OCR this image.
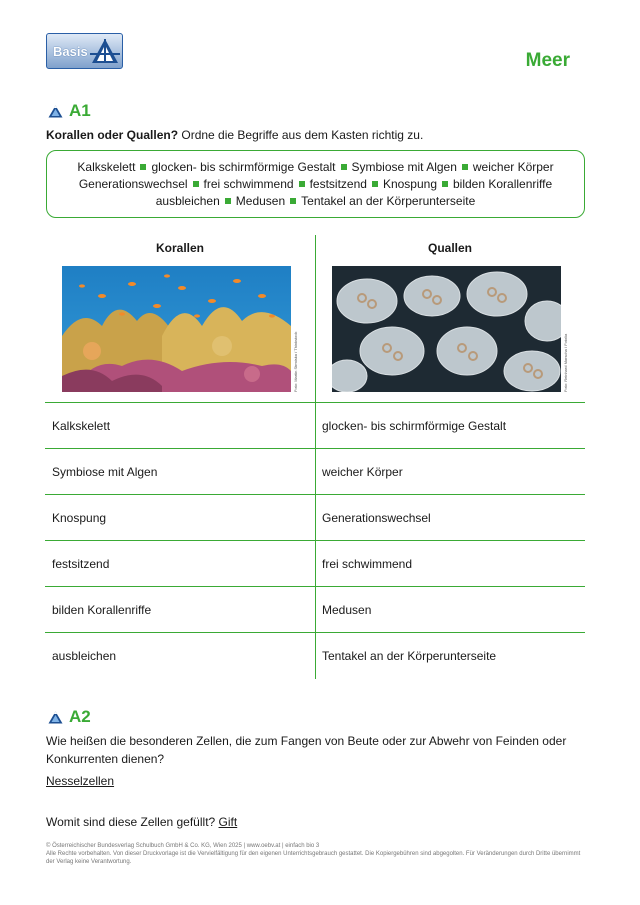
Basis	Meer
A1
Korallen oder Quallen? Ordne die Begriffe aus dem Kasten richtig zu.
Kalkskelett glocken- bis schirmförmige Gestalt Symbiose mit Algen weicher Körper
Generationswechsel frei schwimmend festsitzend Knospung bilden Korallenriffe
ausbleichen Medusen Tentakel an der Körperunterseite
Korallen	Quallen
Foto: Martin Strmiska / Thinkstock	Foto: Reinhard Marscha / Fotolia
Kalkskelett	glocken- bis schirmförmige Gestalt
Symbiose mit Algen	weicher Körper
Knospung	Generationswechsel
festsitzend	frei schwimmend
bilden Korallenriffe	Medusen
ausbleichen	Tentakel an der Körperunterseite
A2
Wie heißen die besonderen Zellen, die zum Fangen von Beute oder zur Abwehr von Feinden oder Konkurrenten dienen?
Nesselzellen
Womit sind diese Zellen gefüllt? Gift
© Österreichischer Bundesverlag Schulbuch GmbH & Co. KG, Wien 2025 | www.oebv.at | einfach bio 3
Alle Rechte vorbehalten. Von dieser Druckvorlage ist die Vervielfältigung für den eigenen Unterrichtsgebrauch gestattet. Die Kopiergebühren sind abgegolten. Für Veränderungen durch Dritte übernimmt der Verlag keine Verantwortung.
